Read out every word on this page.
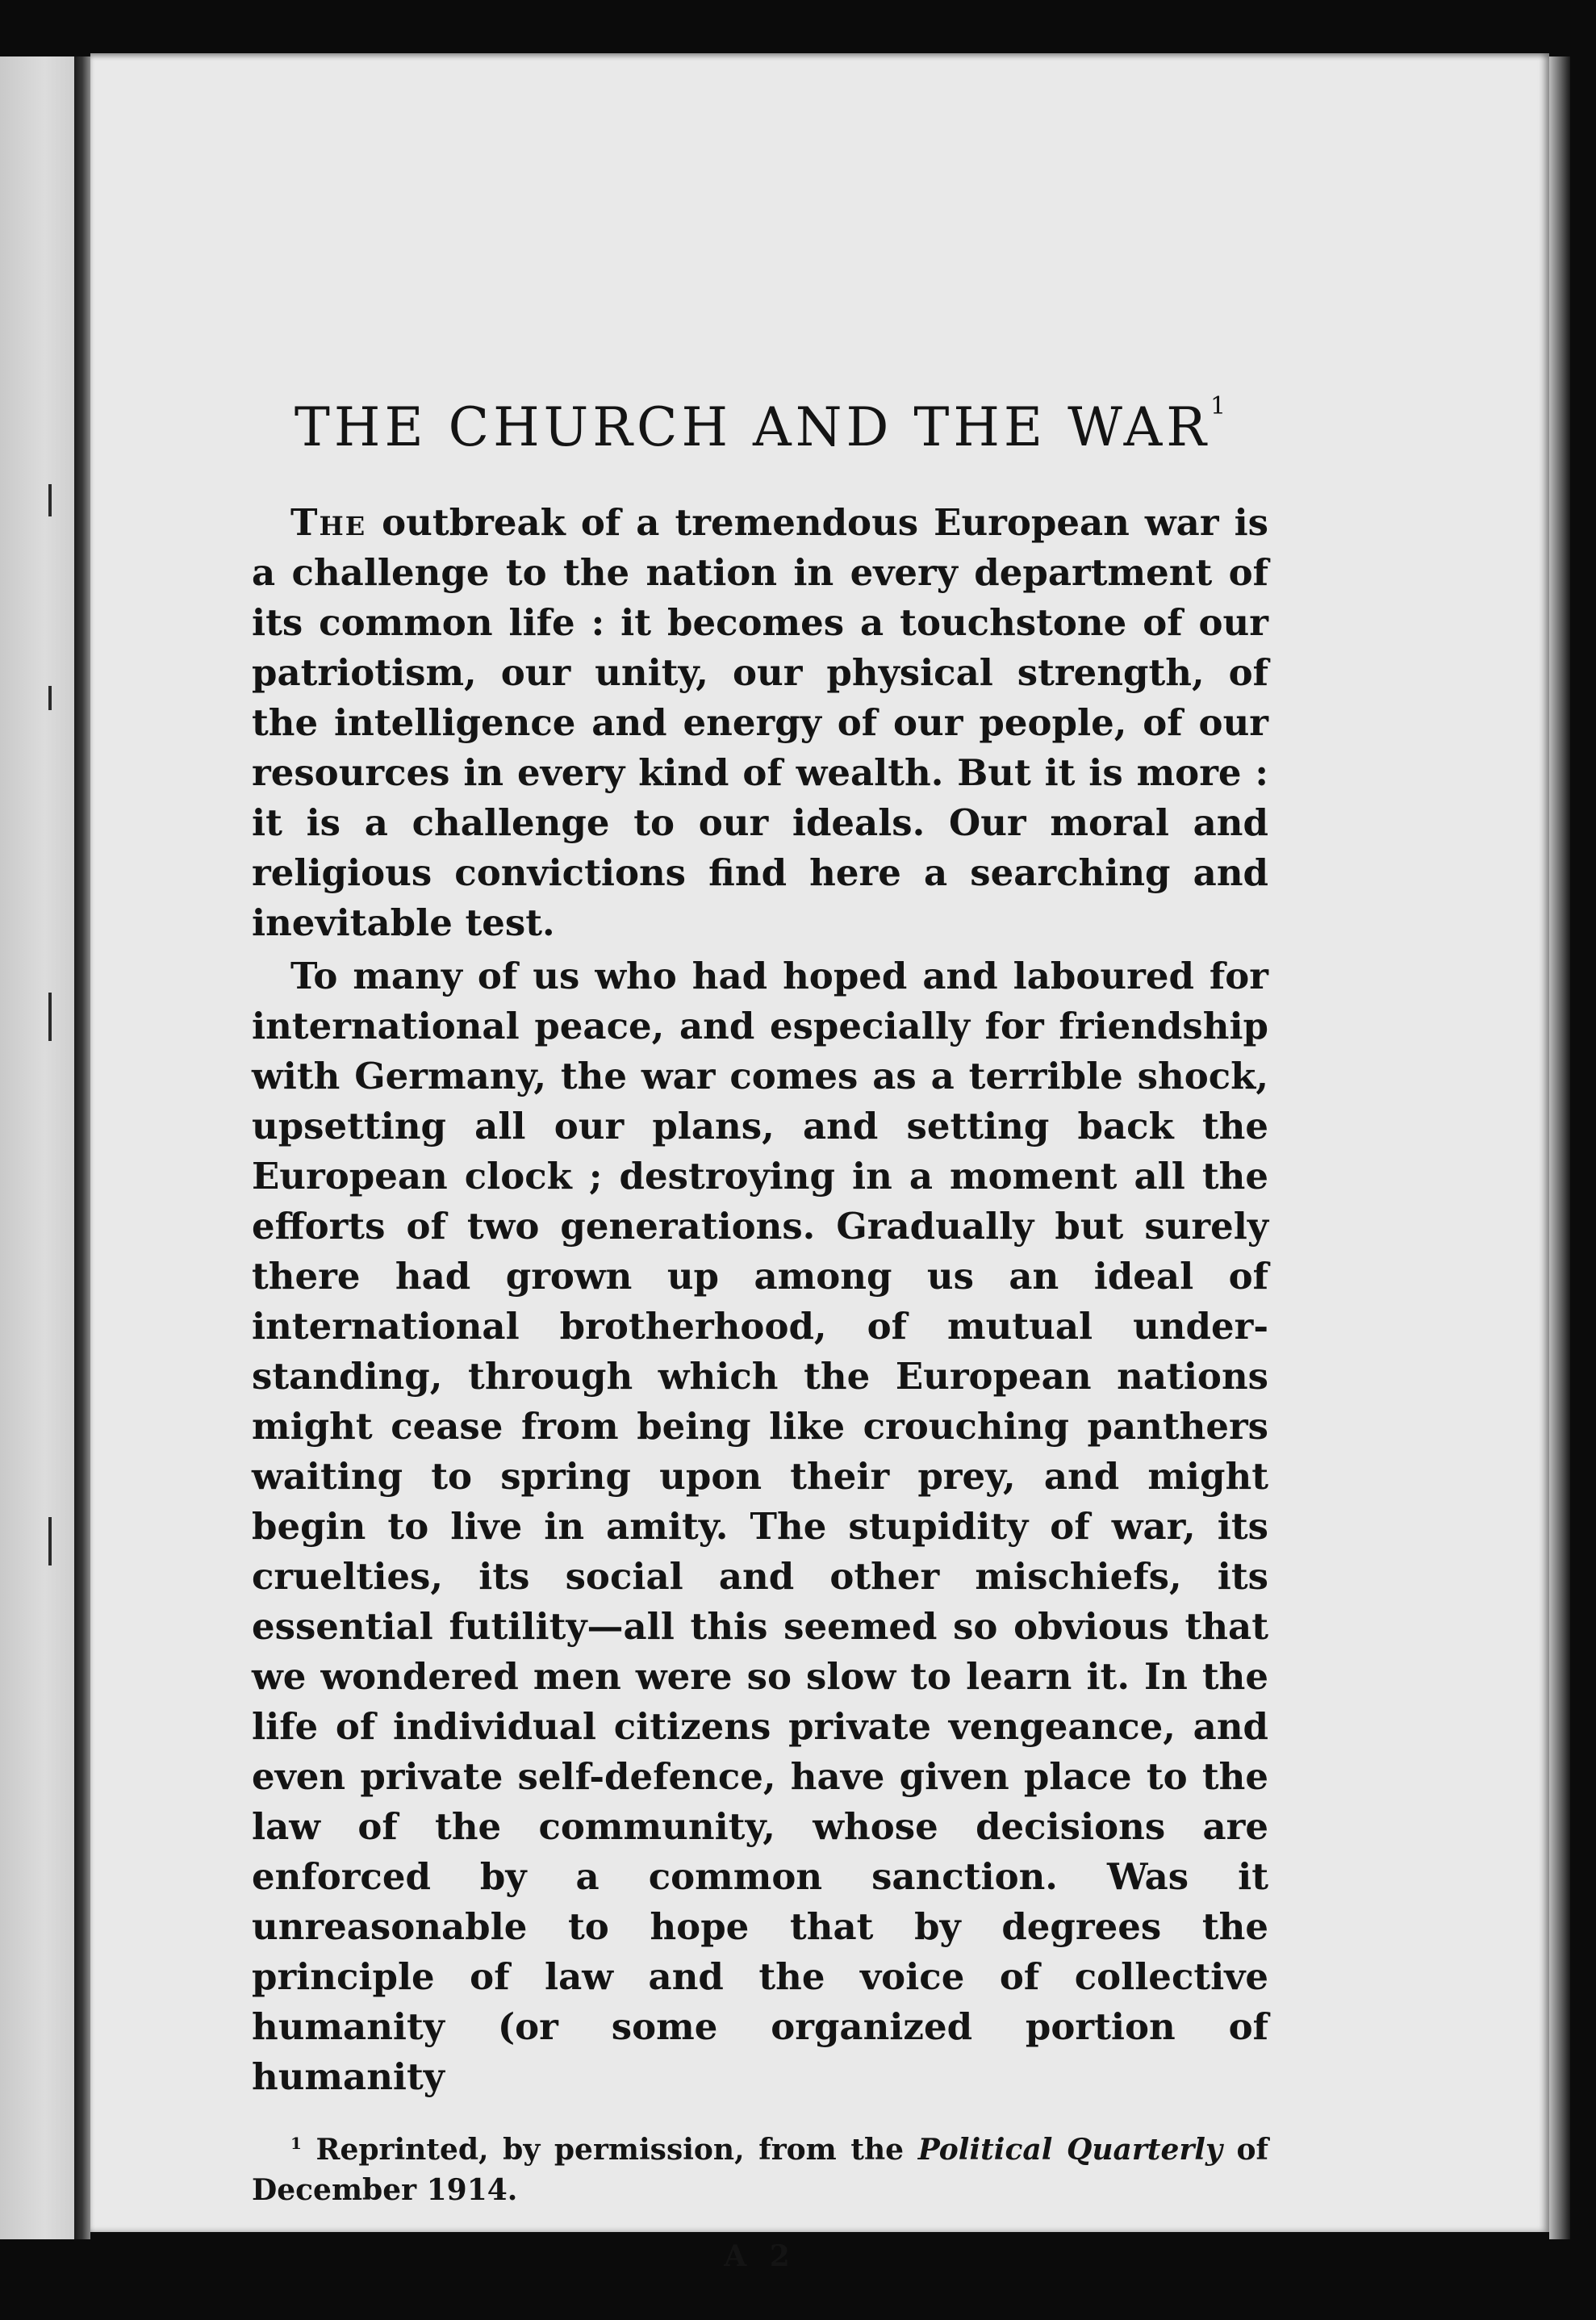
THE CHURCH AND THE WAR$^1$

The outbreak of a tremendous European war is a challenge to the nation in every department of its common life : it becomes a touchstone of our patriotism, our unity, our physical strength, of the intelligence and energy of our people, of our resources in every kind of wealth. But it is more : it is a challenge to our ideals. Our moral and religious convictions find here a searching and inevitable test.

To many of us who had hoped and laboured for international peace, and especially for friendship with Germany, the war comes as a terrible shock, upsetting all our plans, and setting back the European clock ; destroying in a moment all the efforts of two generations. Gradually but surely there had grown up among us an ideal of international brotherhood, of mutual understanding, through which the European nations might cease from being like crouching panthers waiting to spring upon their prey, and might begin to live in amity. The stupidity of war, its cruelties, its social and other mischiefs, its essential futility—all this seemed so obvious that we wondered men were so slow to learn it. In the life of individual citizens private vengeance, and even private self-defence, have given place to the law of the community, whose decisions are enforced by a common sanction. Was it unreasonable to hope that by degrees the principle of law and the voice of collective humanity (or some organized portion of humanity

$^1$ Reprinted, by permission, from the Political Quarterly of December 1914.

A 2
